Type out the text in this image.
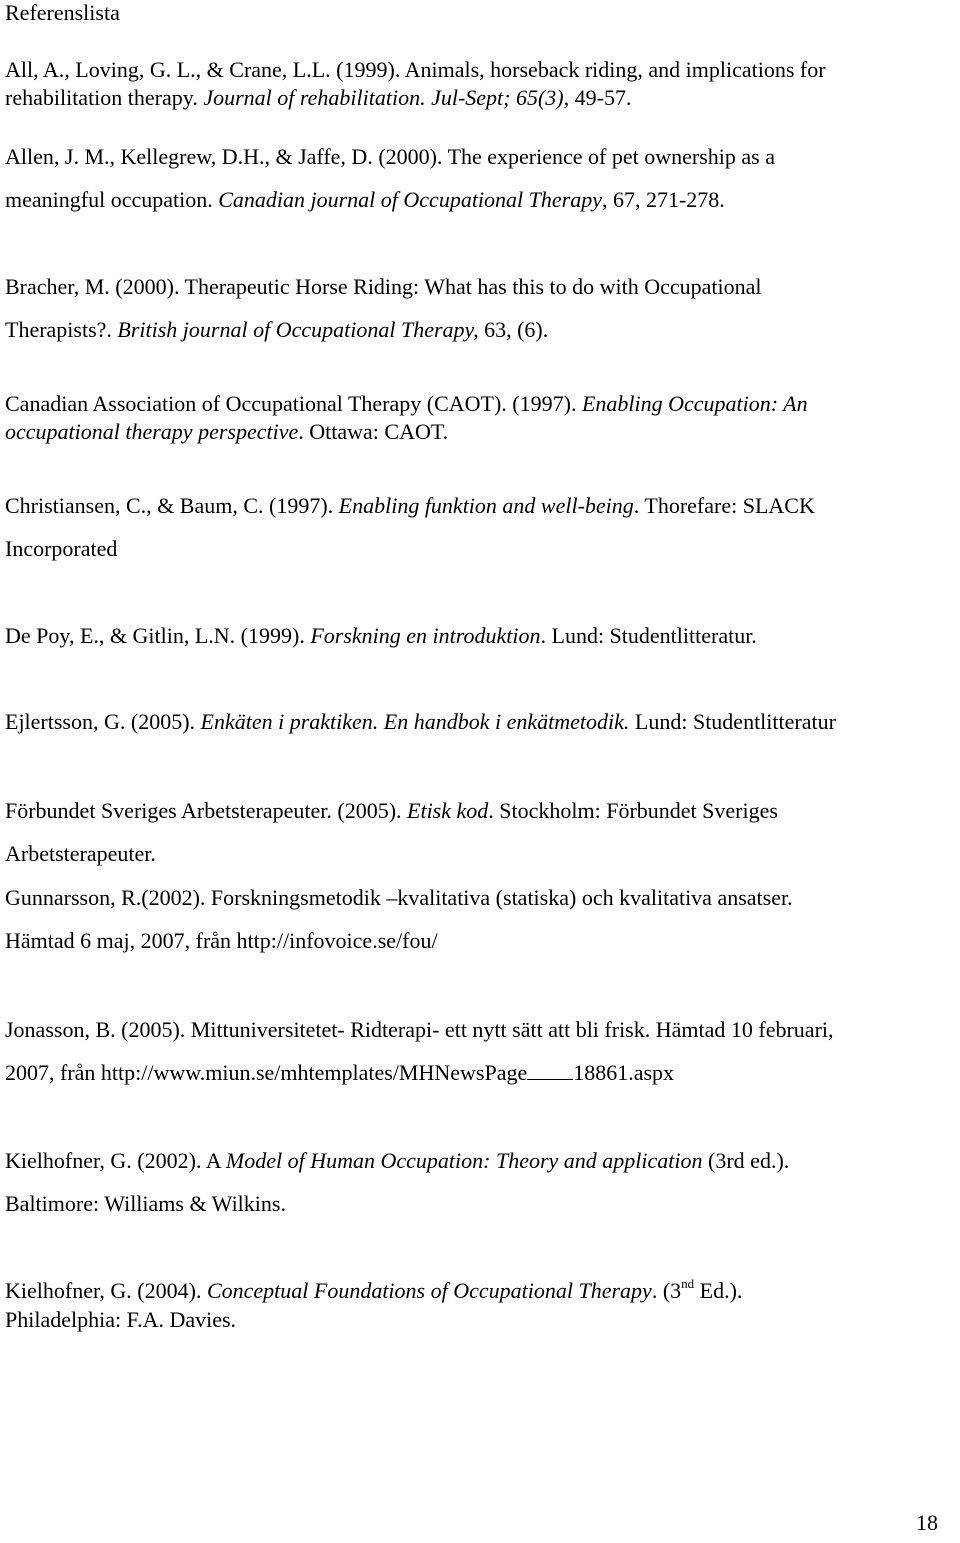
Referenslista
All, A., Loving, G. L., & Crane, L.L. (1999). Animals, horseback riding, and implications for
rehabilitation therapy. Journal of rehabilitation. Jul-Sept; 65(3), 49-57.
Allen, J. M., Kellegrew, D.H., & Jaffe, D. (2000). The experience of pet ownership as a
meaningful occupation. Canadian journal of Occupational Therapy, 67, 271-278.
Bracher, M. (2000). Therapeutic Horse Riding: What has this to do with Occupational
Therapists?. British journal of Occupational Therapy, 63, (6).
Canadian Association of Occupational Therapy (CAOT). (1997). Enabling Occupation: An
occupational therapy perspective. Ottawa: CAOT.
Christiansen, C., & Baum, C. (1997). Enabling funktion and well-being. Thorefare: SLACK
Incorporated
De Poy, E., & Gitlin, L.N. (1999). Forskning en introduktion. Lund: Studentlitteratur.
Ejlertsson, G. (2005). Enkäten i praktiken. En handbok i enkätmetodik. Lund: Studentlitteratur
Förbundet Sveriges Arbetsterapeuter. (2005). Etisk kod. Stockholm: Förbundet Sveriges
Arbetsterapeuter.
Gunnarsson, R.(2002). Forskningsmetodik –kvalitativa (statiska) och kvalitativa ansatser.
Hämtad 6 maj, 2007, från http://infovoice.se/fou/
Jonasson, B. (2005). Mittuniversitetet- Ridterapi- ett nytt sätt att bli frisk. Hämtad 10 februari,
2007, från http://www.miun.se/mhtemplates/MHNewsPage 18861.aspx
Kielhofner, G. (2002). A Model of Human Occupation: Theory and application (3rd ed.).
Baltimore: Williams & Wilkins.
Kielhofner, G. (2004). Conceptual Foundations of Occupational Therapy. (3nd Ed.).
Philadelphia: F.A. Davies.
18
